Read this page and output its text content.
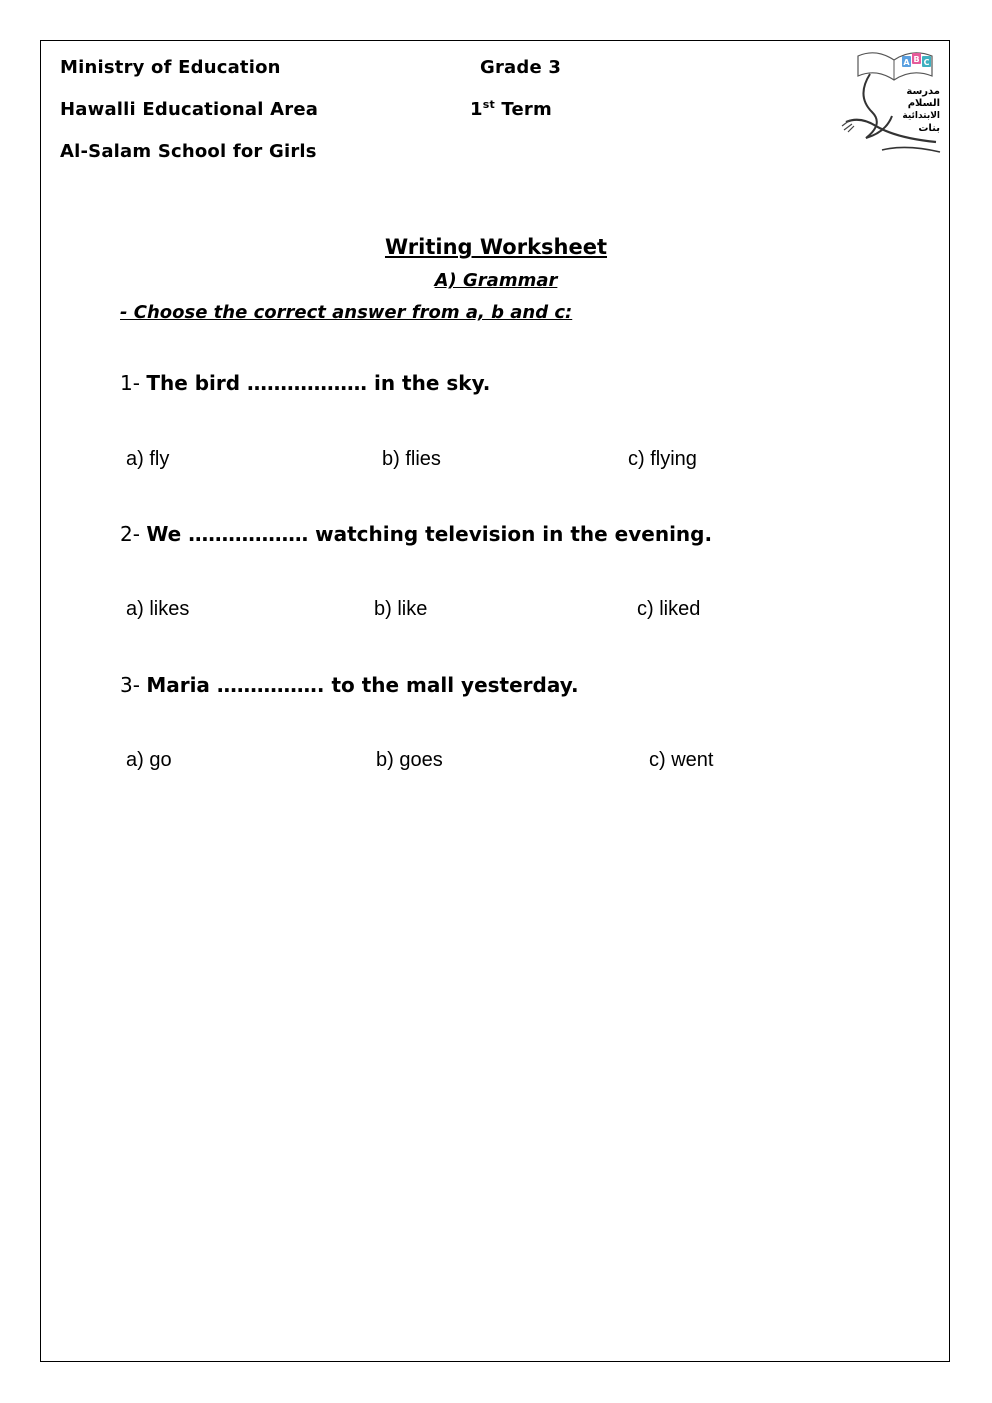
Ministry of Education
Hawalli Educational Area
Al-Salam School for Girls
Grade 3
1st Term
A B C
مدرسة
السلام
الابتدائية
بنات
Writing Worksheet
A) Grammar
- Choose the correct answer from a, b and c:
1- The bird ……………… in the sky.
a) fly	b) flies	c) flying
2- We ……………… watching television in the evening.
a) likes	b) like	c) liked
3- Maria ……………. to the mall yesterday.
a) go	b) goes	c) went
